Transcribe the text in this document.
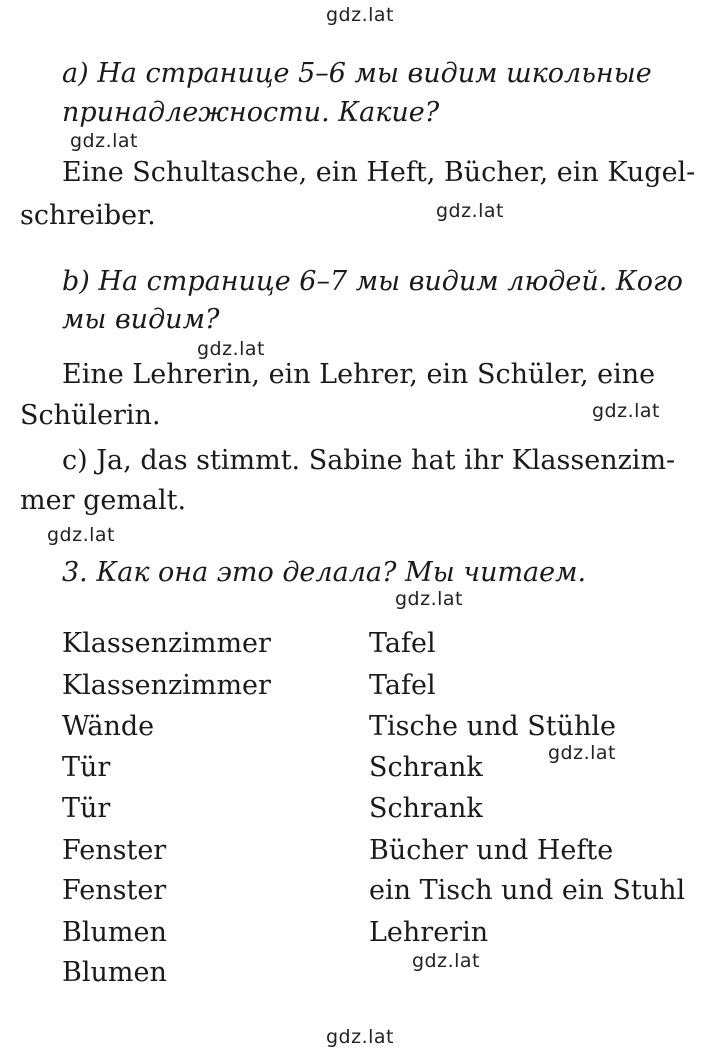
gdz.lat
gdz.lat
gdz.lat
gdz.lat
gdz.lat
gdz.lat
gdz.lat
gdz.lat
gdz.lat
gdz.lat
a) На странице 5–6 мы видим школьные
принадлежности. Какие?
Eine Schultasche, ein Heft, Bücher, ein Kugel-
schreiber.
b) На странице 6–7 мы видим людей. Кого
мы видим?
Eine Lehrerin, ein Lehrer, ein Schüler, eine
Schülerin.
c) Ja, das stimmt. Sabine hat ihr Klassenzim-
mer gemalt.
3. Как она это делала? Мы читаем.
Klassenzimmer
Klassenzimmer
Wände
Tür
Tür
Fenster
Fenster
Blumen
Blumen
Tafel
Tafel
Tische und Stühle
Schrank
Schrank
Bücher und Hefte
ein Tisch und ein Stuhl
Lehrerin
